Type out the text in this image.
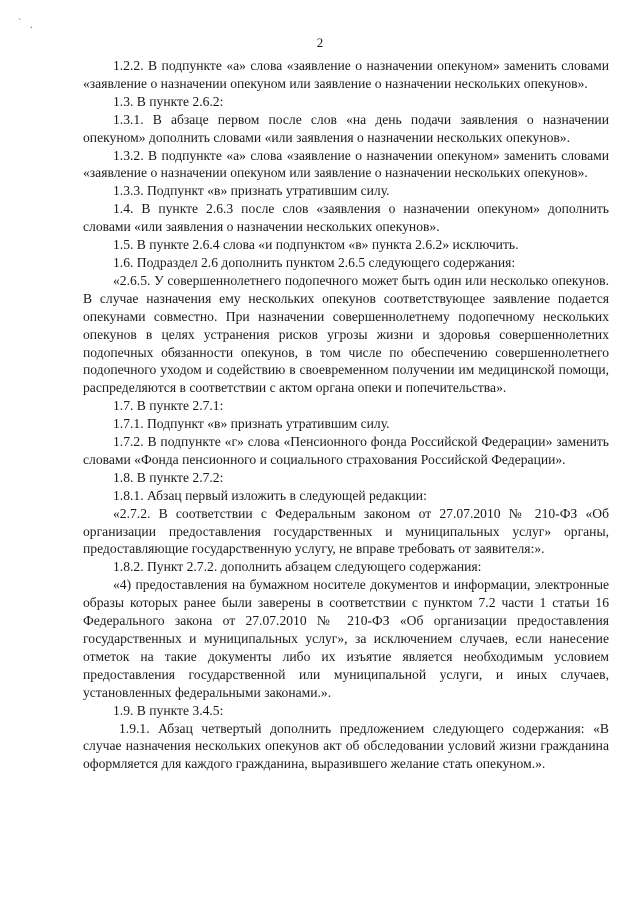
` .
2

1.2.2. В подпункте «а» слова «заявление о назначении опекуном» заменить словами «заявление о назначении опекуном или заявление о назначении нескольких опекунов».

1.3. В пункте 2.6.2:

1.3.1. В абзаце первом после слов «на день подачи заявления о назначении опекуном» дополнить словами «или заявления о назначении нескольких опекунов».

1.3.2. В подпункте «а» слова «заявление о назначении опекуном» заменить словами «заявление о назначении опекуном или заявление о назначении нескольких опекунов».

1.3.3. Подпункт «в» признать утратившим силу.

1.4. В пункте 2.6.3 после слов «заявления о назначении опекуном» дополнить словами «или заявления о назначении нескольких опекунов».

1.5. В пункте 2.6.4 слова «и подпунктом «в» пункта 2.6.2» исключить.

1.6. Подраздел 2.6 дополнить пунктом 2.6.5 следующего содержания:

«2.6.5. У совершеннолетнего подопечного может быть один или несколько опекунов. В случае назначения ему нескольких опекунов соответствующее заявление подается опекунами совместно. При назначении совершеннолетнему подопечному нескольких опекунов в целях устранения рисков угрозы жизни и здоровья совершеннолетних подопечных обязанности опекунов, в том числе по обеспечению совершеннолетнего подопечного уходом и содействию в своевременном получении им медицинской помощи, распределяются в соответствии с актом органа опеки и попечительства».

1.7. В пункте 2.7.1:

1.7.1. Подпункт «в» признать утратившим силу.

1.7.2. В подпункте «г» слова «Пенсионного фонда Российской Федерации» заменить словами «Фонда пенсионного и социального страхования Российской Федерации».

1.8. В пункте 2.7.2:

1.8.1. Абзац первый изложить в следующей редакции:

«2.7.2. В соответствии с Федеральным законом от 27.07.2010 № 210-ФЗ «Об организации предоставления государственных и муниципальных услуг» органы, предоставляющие государственную услугу, не вправе требовать от заявителя:».

1.8.2. Пункт 2.7.2. дополнить абзацем следующего содержания:

«4) предоставления на бумажном носителе документов и информации, электронные образы которых ранее были заверены в соответствии с пунктом 7.2 части 1 статьи 16 Федерального закона от 27.07.2010 № 210-ФЗ «Об организации предоставления государственных и муниципальных услуг», за исключением случаев, если нанесение отметок на такие документы либо их изъятие является необходимым условием предоставления государственной или муниципальной услуги, и иных случаев, установленных федеральными законами.».

1.9. В пункте 3.4.5:

1.9.1. Абзац четвертый дополнить предложением следующего содержания: «В случае назначения нескольких опекунов акт об обследовании условий жизни гражданина оформляется для каждого гражданина, выразившего желание стать опекуном.».
